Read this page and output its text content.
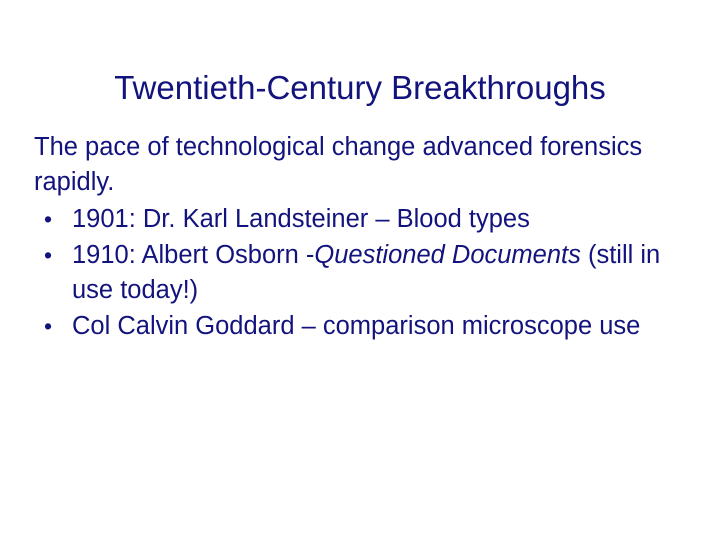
Twentieth-Century Breakthroughs

The pace of technological change advanced forensics rapidly.

• 1901: Dr. Karl Landsteiner – Blood types
• 1910: Albert Osborn -Questioned Documents (still in use today!)
• Col Calvin Goddard – comparison microscope use
